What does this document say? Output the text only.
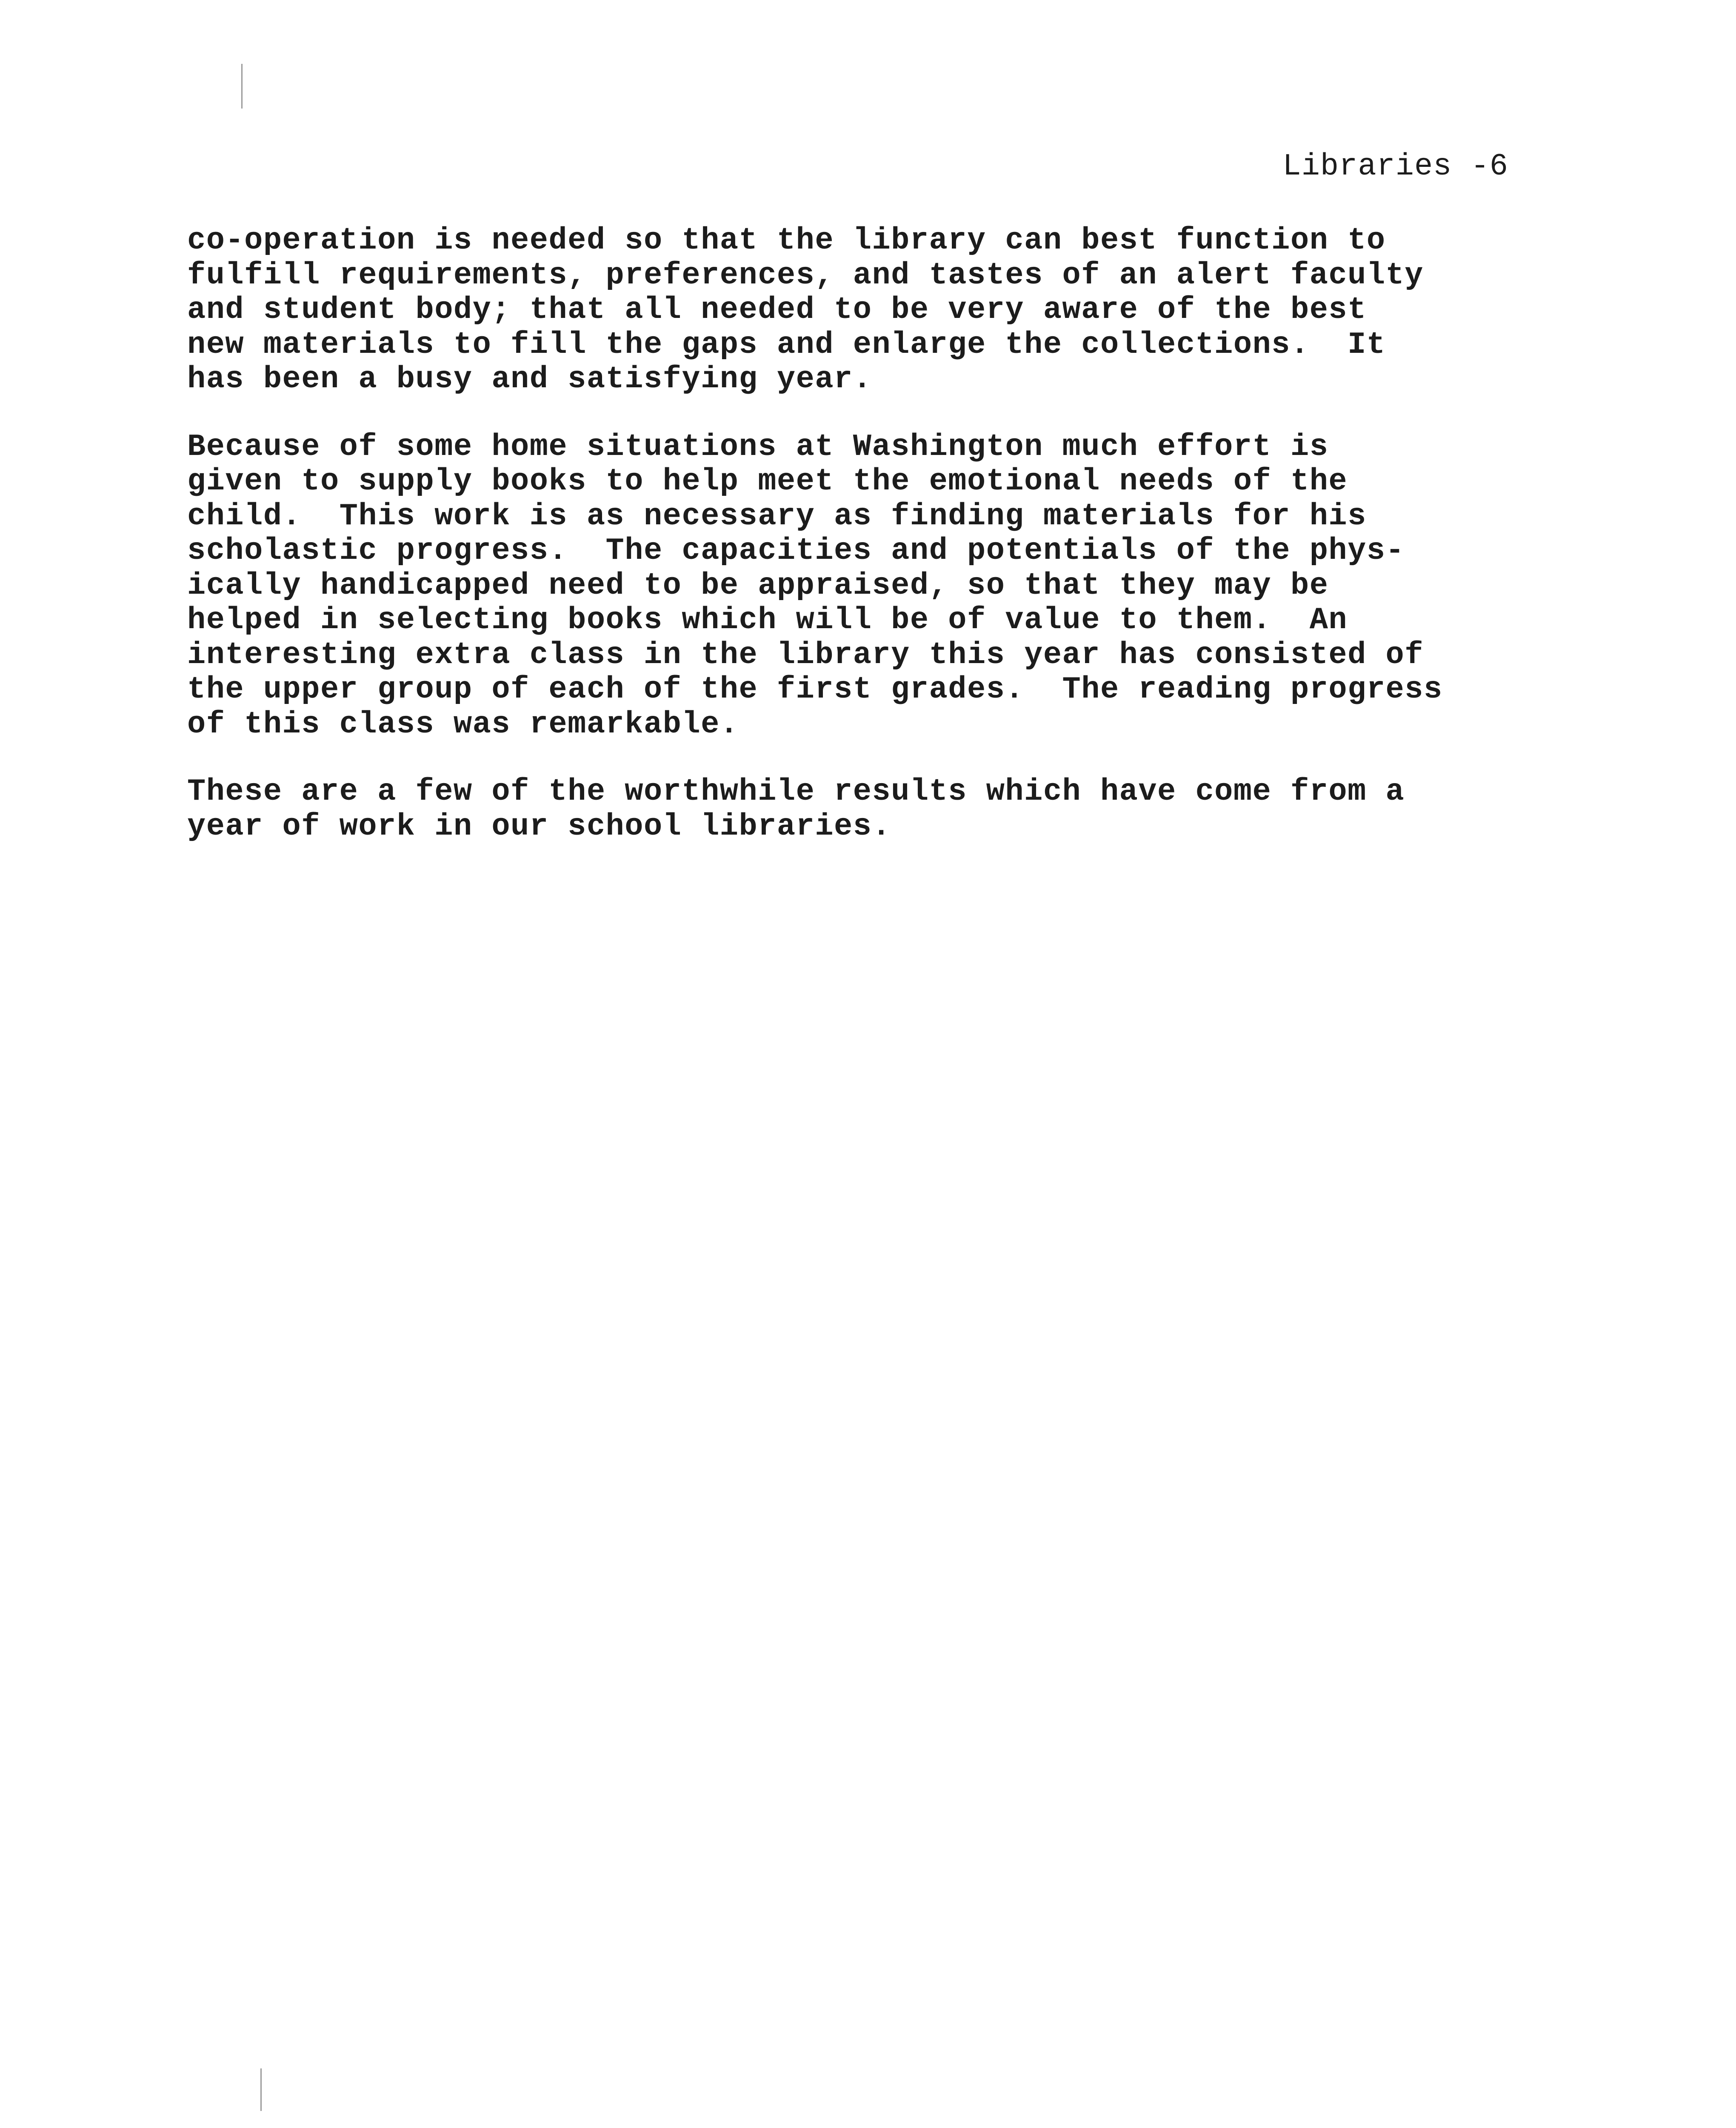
Libraries -6
co-operation is needed so that the library can best function to
fulfill requirements, preferences, and tastes of an alert faculty
and student body; that all needed to be very aware of the best
new materials to fill the gaps and enlarge the collections.  It
has been a busy and satisfying year.
Because of some home situations at Washington much effort is
given to supply books to help meet the emotional needs of the
child.  This work is as necessary as finding materials for his
scholastic progress.  The capacities and potentials of the phys-
ically handicapped need to be appraised, so that they may be
helped in selecting books which will be of value to them.  An
interesting extra class in the library this year has consisted of
the upper group of each of the first grades.  The reading progress
of this class was remarkable.
These are a few of the worthwhile results which have come from a
year of work in our school libraries.
